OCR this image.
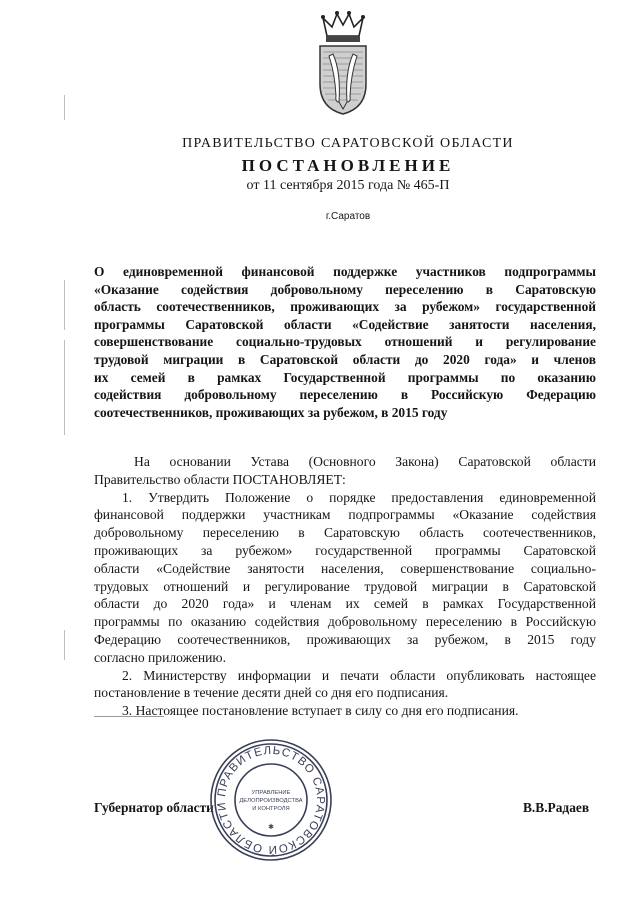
ПРАВИТЕЛЬСТВО САРАТОВСКОЙ ОБЛАСТИ
ПОСТАНОВЛЕНИЕ
от 11 сентября 2015 года № 465-П
г.Саратов
О единовременной финансовой поддержке участников подпрограммы
«Оказание содействия добровольному переселению в Саратовскую
область соотечественников, проживающих за рубежом» государственной
программы Саратовской области «Содействие занятости населения,
совершенствование социально-трудовых отношений и регулирование
трудовой миграции в Саратовской области до 2020 года» и членов
их семей в рамках Государственной программы по оказанию
содействия добровольному переселению в Российскую Федерацию
соотечественников, проживающих за рубежом, в 2015 году
На основании Устава (Основного Закона) Саратовской области
Правительство области ПОСТАНОВЛЯЕТ:
1. Утвердить Положение о порядке предоставления единовременной
финансовой поддержки участникам подпрограммы «Оказание содействия
добровольному переселению в Саратовскую область соотечественников,
проживающих за рубежом» государственной программы Саратовской
области «Содействие занятости населения, совершенствование социально-
трудовых отношений и регулирование трудовой миграции в Саратовской
области до 2020 года» и членам их семей в рамках Государственной
программы по оказанию содействия добровольному переселению в Российскую
Федерацию соотечественников, проживающих за рубежом, в 2015 году
согласно приложению.
2. Министерству информации и печати области опубликовать настоящее
постановление в течение десяти дней со дня его подписания.
3. Настоящее постановление вступает в силу со дня его подписания.
Губернатор области	В.В.Радаев
ПРАВИТЕЛЬСТВО САРАТОВСКОЙ ОБЛАСТИ
УПРАВЛЕНИЕ
ДЕЛОПРОИЗВОДСТВА
И КОНТРОЛЯ
✱
